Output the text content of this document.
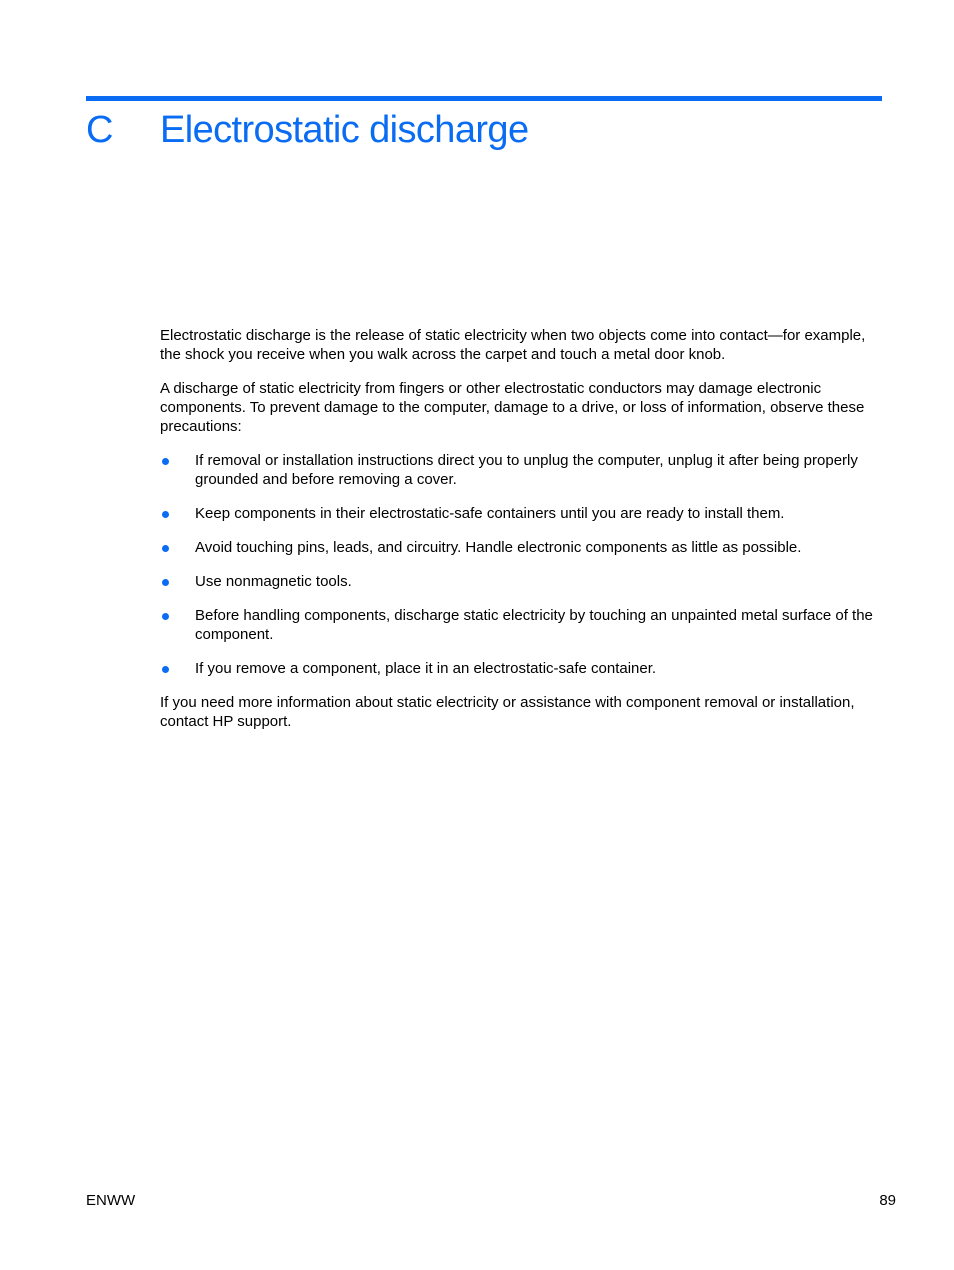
C Electrostatic discharge

Electrostatic discharge is the release of static electricity when two objects come into contact—for example, the shock you receive when you walk across the carpet and touch a metal door knob.

A discharge of static electricity from fingers or other electrostatic conductors may damage electronic components. To prevent damage to the computer, damage to a drive, or loss of information, observe these precautions:

If removal or installation instructions direct you to unplug the computer, unplug it after being properly grounded and before removing a cover.
Keep components in their electrostatic-safe containers until you are ready to install them.
Avoid touching pins, leads, and circuitry. Handle electronic components as little as possible.
Use nonmagnetic tools.
Before handling components, discharge static electricity by touching an unpainted metal surface of the component.
If you remove a component, place it in an electrostatic-safe container.

If you need more information about static electricity or assistance with component removal or installation, contact HP support.

ENWW	89
